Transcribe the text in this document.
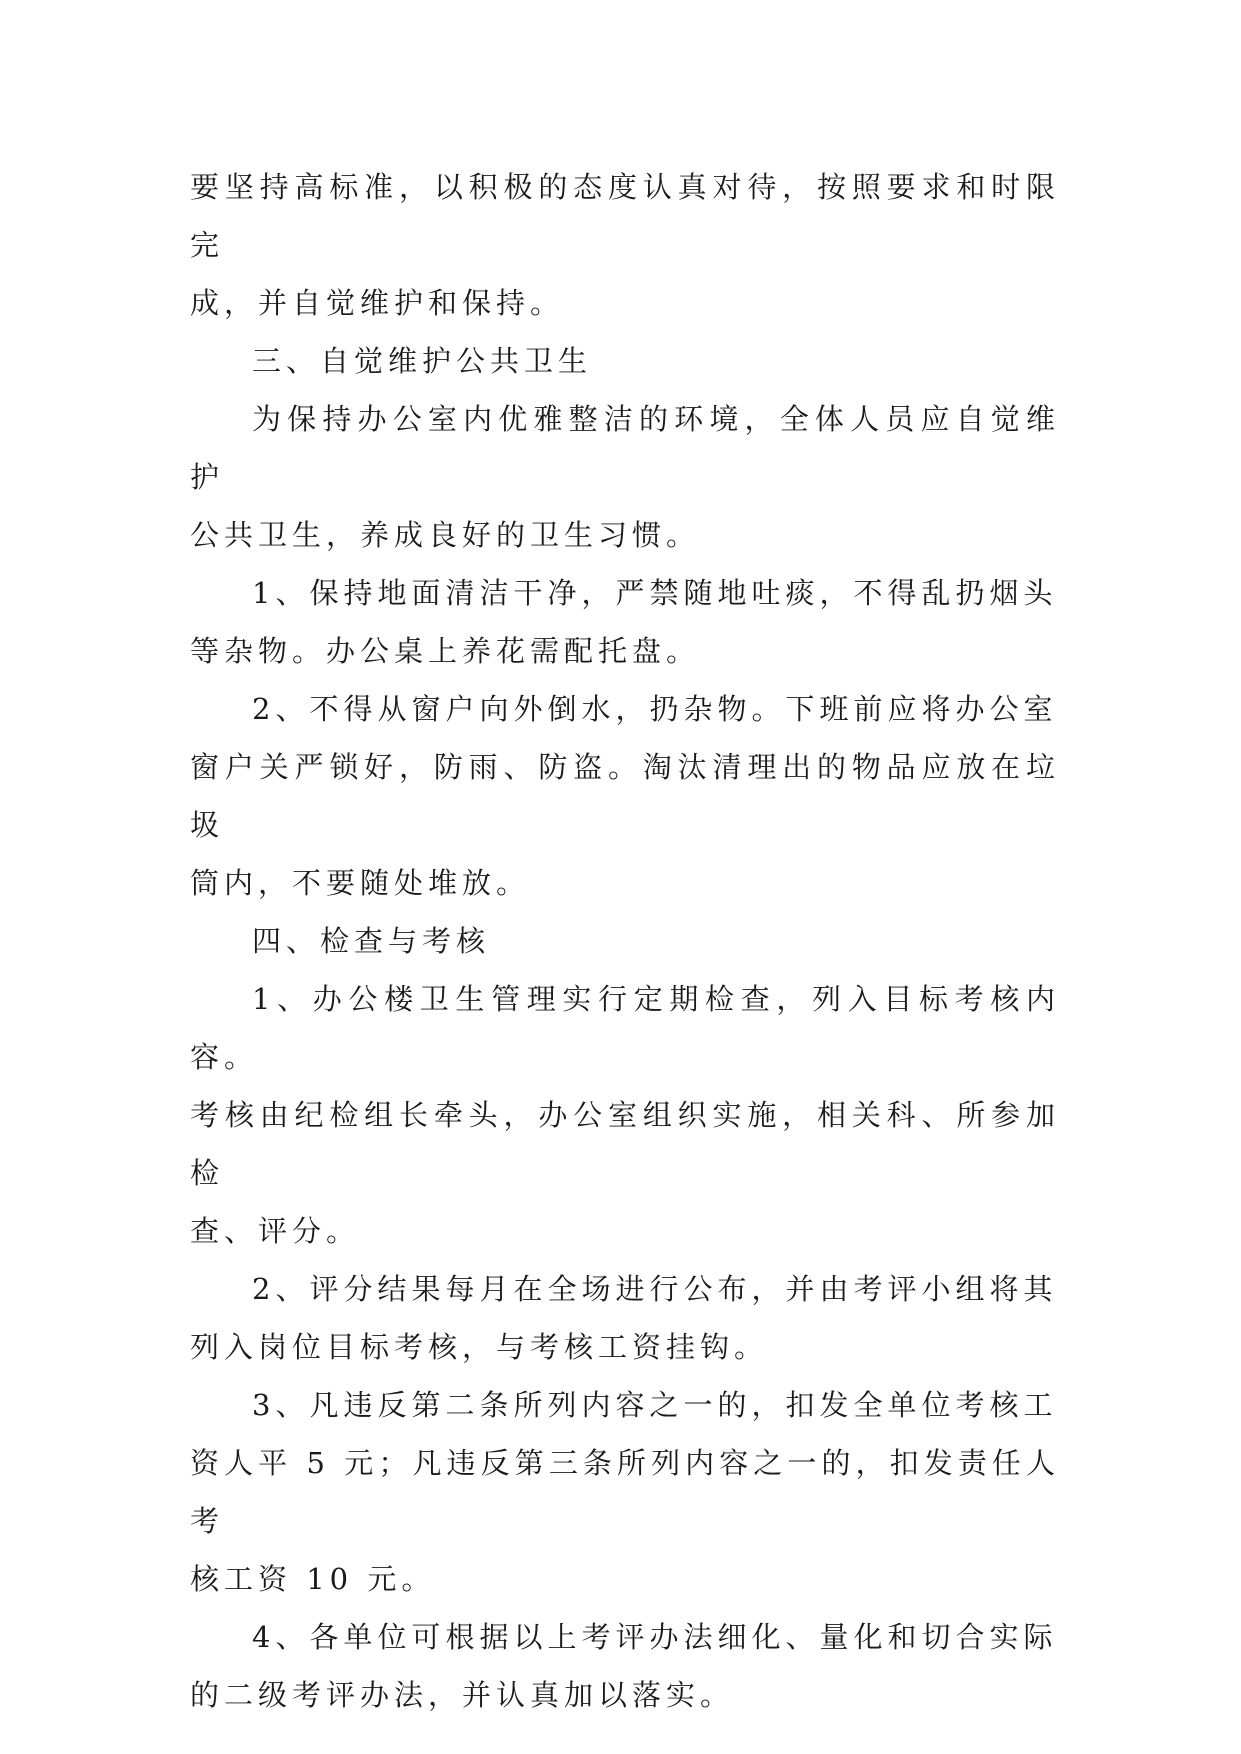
要坚持高标准，以积极的态度认真对待，按照要求和时限完
成，并自觉维护和保持。

三、自觉维护公共卫生

为保持办公室内优雅整洁的环境，全体人员应自觉维护
公共卫生，养成良好的卫生习惯。

1、保持地面清洁干净，严禁随地吐痰，不得乱扔烟头
等杂物。办公桌上养花需配托盘。

2、不得从窗户向外倒水，扔杂物。下班前应将办公室
窗户关严锁好，防雨、防盗。淘汰清理出的物品应放在垃圾
筒内，不要随处堆放。

四、检查与考核

1、办公楼卫生管理实行定期检查，列入目标考核内容。
考核由纪检组长牵头，办公室组织实施，相关科、所参加检
查、评分。

2、评分结果每月在全场进行公布，并由考评小组将其
列入岗位目标考核，与考核工资挂钩。

3、凡违反第二条所列内容之一的，扣发全单位考核工
资人平 5 元；凡违反第三条所列内容之一的，扣发责任人考
核工资 10 元。

4、各单位可根据以上考评办法细化、量化和切合实际
的二级考评办法，并认真加以落实。
